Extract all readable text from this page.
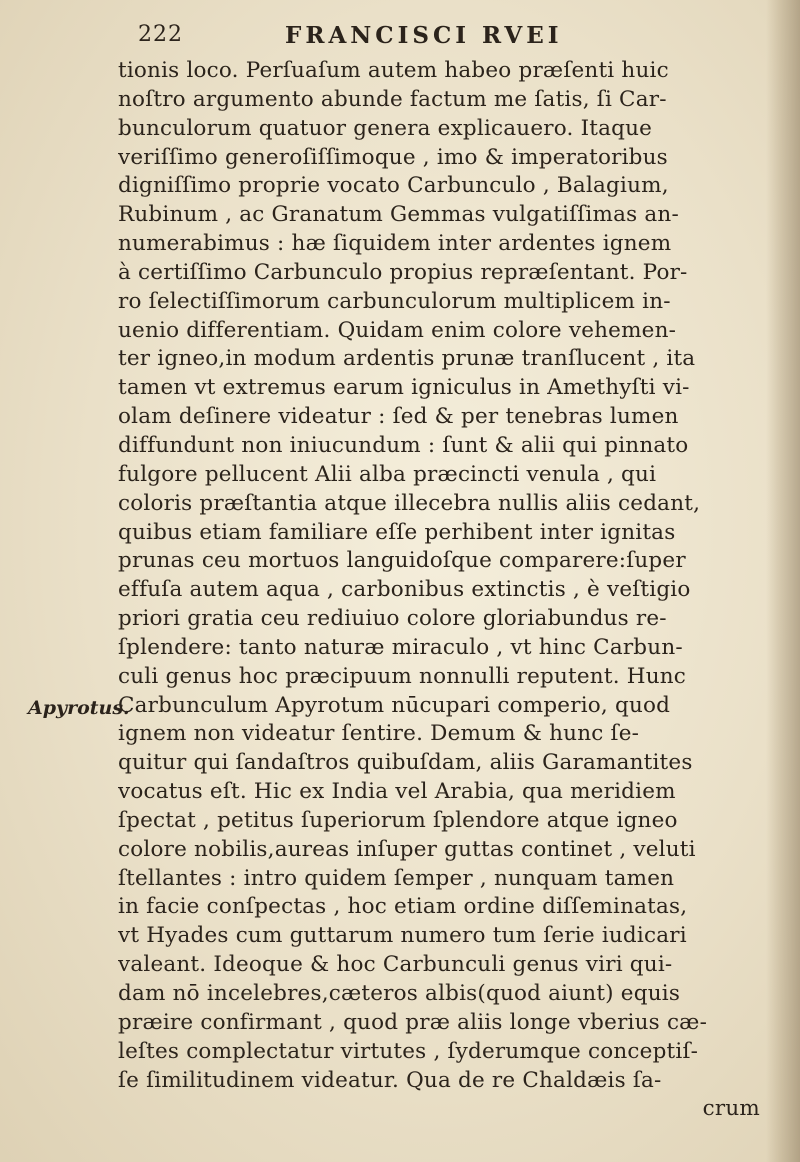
222	FRANCISCI RVEI
Apyrotus.
tionis loco. Perſuaſum autem habeo præſenti huic
noſtro argumento abunde factum me ſatis, ſi Car-
bunculorum quatuor genera explicauero. Itaque
veriſſimo generoſiſſimoque , imo & imperatoribus
digniſſimo proprie vocato Carbunculo , Balagium,
Rubinum , ac Granatum Gemmas vulgatiſſimas an-
numerabimus : hæ ſiquidem inter ardentes ignem
à certiſſimo Carbunculo propius repræſentant. Por-
ro ſelectiſſimorum carbunculorum multiplicem in-
uenio differentiam. Quidam enim colore vehemen-
ter igneo,in modum ardentis prunæ tranſlucent , ita
tamen vt extremus earum igniculus in Amethyſti vi-
olam deſinere videatur : ſed & per tenebras lumen
diffundunt non iniucundum : ſunt & alii qui pinnato
fulgore pellucent Alii alba præcincti venula , qui
coloris præſtantia atque illecebra nullis aliis cedant,
quibus etiam familiare eſſe perhibent inter ignitas
prunas ceu mortuos languidoſque comparere:ſuper
effuſa autem aqua , carbonibus extinctis , è veſtigio
priori gratia ceu rediuiuo colore gloriabundus re-
ſplendere: tanto naturæ miraculo , vt hinc Carbun-
culi genus hoc præcipuum nonnulli reputent. Hunc
Carbunculum Apyrotum nūcupari comperio, quod
ignem non videatur ſentire. Demum & hunc ſe-
quitur qui ſandaſtros quibuſdam, aliis Garamantites
vocatus eſt. Hic ex India vel Arabia, qua meridiem
ſpectat , petitus ſuperiorum ſplendore atque igneo
colore nobilis,aureas inſuper guttas continet , veluti
ſtellantes : intro quidem ſemper , nunquam tamen
in facie conſpectas , hoc etiam ordine diſſeminatas,
vt Hyades cum guttarum numero tum ſerie iudicari
valeant. Ideoque & hoc Carbunculi genus viri qui-
dam nō incelebres,cæteros albis(quod aiunt) equis
præire confirmant , quod præ aliis longe vberius cæ-
leſtes complectatur virtutes , ſyderumque conceptiſ-
ſe ſimilitudinem videatur. Qua de re Chaldæis ſa-
crum
